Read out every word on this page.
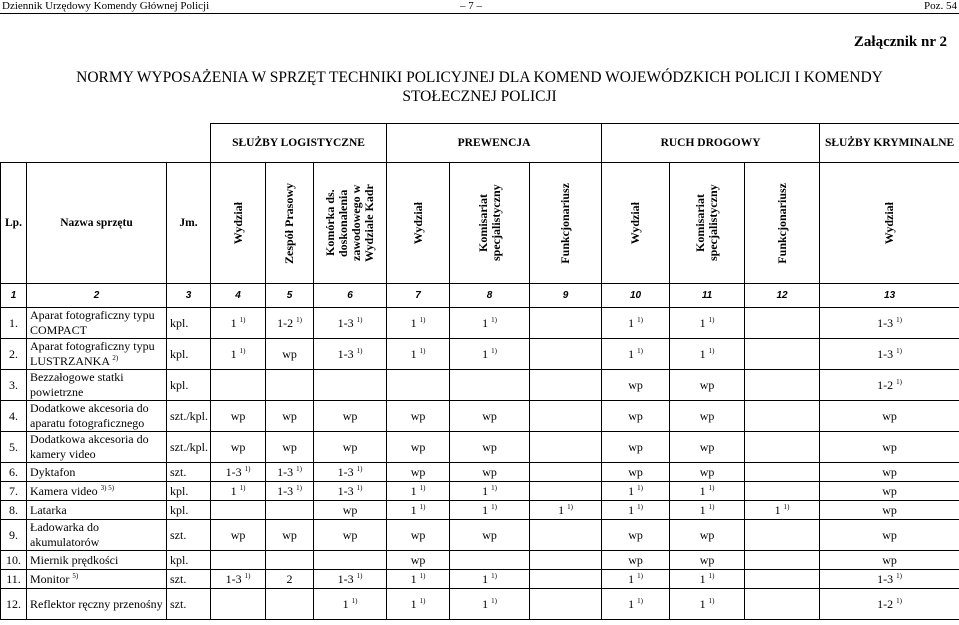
Dziennik Urzędowy Komendy Głównej Policji	– 7 –	Poz. 54
Załącznik nr 2
NORMY WYPOSAŻENIA W SPRZĘT TECHNIKI POLICYJNEJ DLA KOMEND WOJEWÓDZKICH POLICJI I KOMENDY
STOŁECZNEJ POLICJI
			SŁUŻBY LOGISTYCZNE			PREWENCJA			RUCH DROGOWY			SŁUŻBY KRYMINALNE
Lp.	Nazwa sprzętu	Jm.	Wydział	Zespół Prasowy	Komórka ds. doskonalenia zawodowego w Wydziale Kadr	Wydział	Komisariat specjalistyczny	Funkcjonariusz	Wydział	Komisariat specjalistyczny	Funkcjonariusz	Wydział

1	2	3	4	5	6	7	8	9	10	11	12	13
1.	Aparat fotograficzny typu COMPACT	kpl.	1 $^{1)}$	1-2 $^{1)}$	1-3 $^{1)}$	1 $^{1)}$	1 $^{1)}$		1 $^{1)}$	1 $^{1)}$		1-3 $^{1)}$
2.	Aparat fotograficzny typu LUSTRZANKA $^{2)}$	kpl.	1 $^{1)}$	wp	1-3 $^{1)}$	1 $^{1)}$	1 $^{1)}$		1 $^{1)}$	1 $^{1)}$		1-3 $^{1)}$
3.	Bezzałogowe statki powietrzne	kpl.							wp	wp		1-2 $^{1)}$
4.	Dodatkowe akcesoria do aparatu fotograficznego	szt./kpl.	wp	wp	wp	wp	wp		wp	wp		wp
5.	Dodatkowa akcesoria do kamery video	szt./kpl.	wp	wp	wp	wp	wp		wp	wp		wp
6.	Dyktafon	szt.	1-3 $^{1)}$	1-3 $^{1)}$	1-3 $^{1)}$	wp	wp		wp	wp		wp
7.	Kamera video $^{3) 5)}$	kpl.	1 $^{1)}$	1-3 $^{1)}$	1-3 $^{1)}$	1 $^{1)}$	1 $^{1)}$		1 $^{1)}$	1 $^{1)}$		wp
8.	Latarka	kpl.			wp	1 $^{1)}$	1 $^{1)}$	1 $^{1)}$	1 $^{1)}$	1 $^{1)}$	1 $^{1)}$	wp
9.	Ładowarka do akumulatorów	szt.	wp	wp	wp	wp	wp		wp	wp		wp
10.	Miernik prędkości	kpl.				wp			wp	wp		wp
11.	Monitor $^{5)}$	szt.	1-3 $^{1)}$	2	1-3 $^{1)}$	1 $^{1)}$	1 $^{1)}$		1 $^{1)}$	1 $^{1)}$		1-3 $^{1)}$
12.	Reflektor ręczny przenośny	szt.			1 $^{1)}$	1 $^{1)}$	1 $^{1)}$		1 $^{1)}$	1 $^{1)}$		1-2 $^{1)}$
